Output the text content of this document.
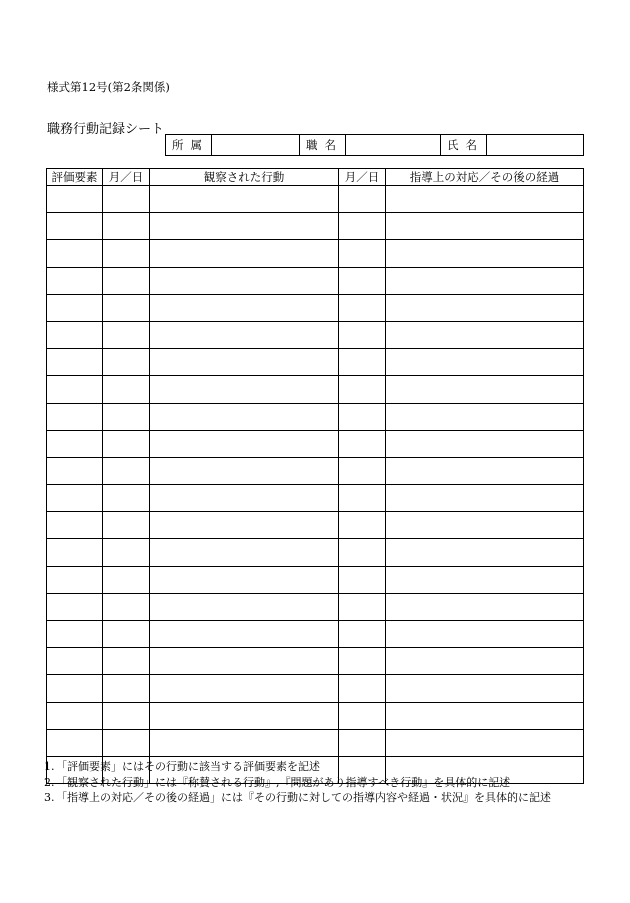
様式第12号(第2条関係)
職務行動記録シート
所属		職名		氏名	
評価要素	月／日	観察された行動	月／日	指導上の対応／その後の経過

1. 「評価要素」にはその行動に該当する評価要素を記述
2. 「観察された行動」には『称賛される行動』,『問題があり指導すべき行動』を具体的に記述
3. 「指導上の対応／その後の経過」には『その行動に対しての指導内容や経過・状況』を具体的に記述
